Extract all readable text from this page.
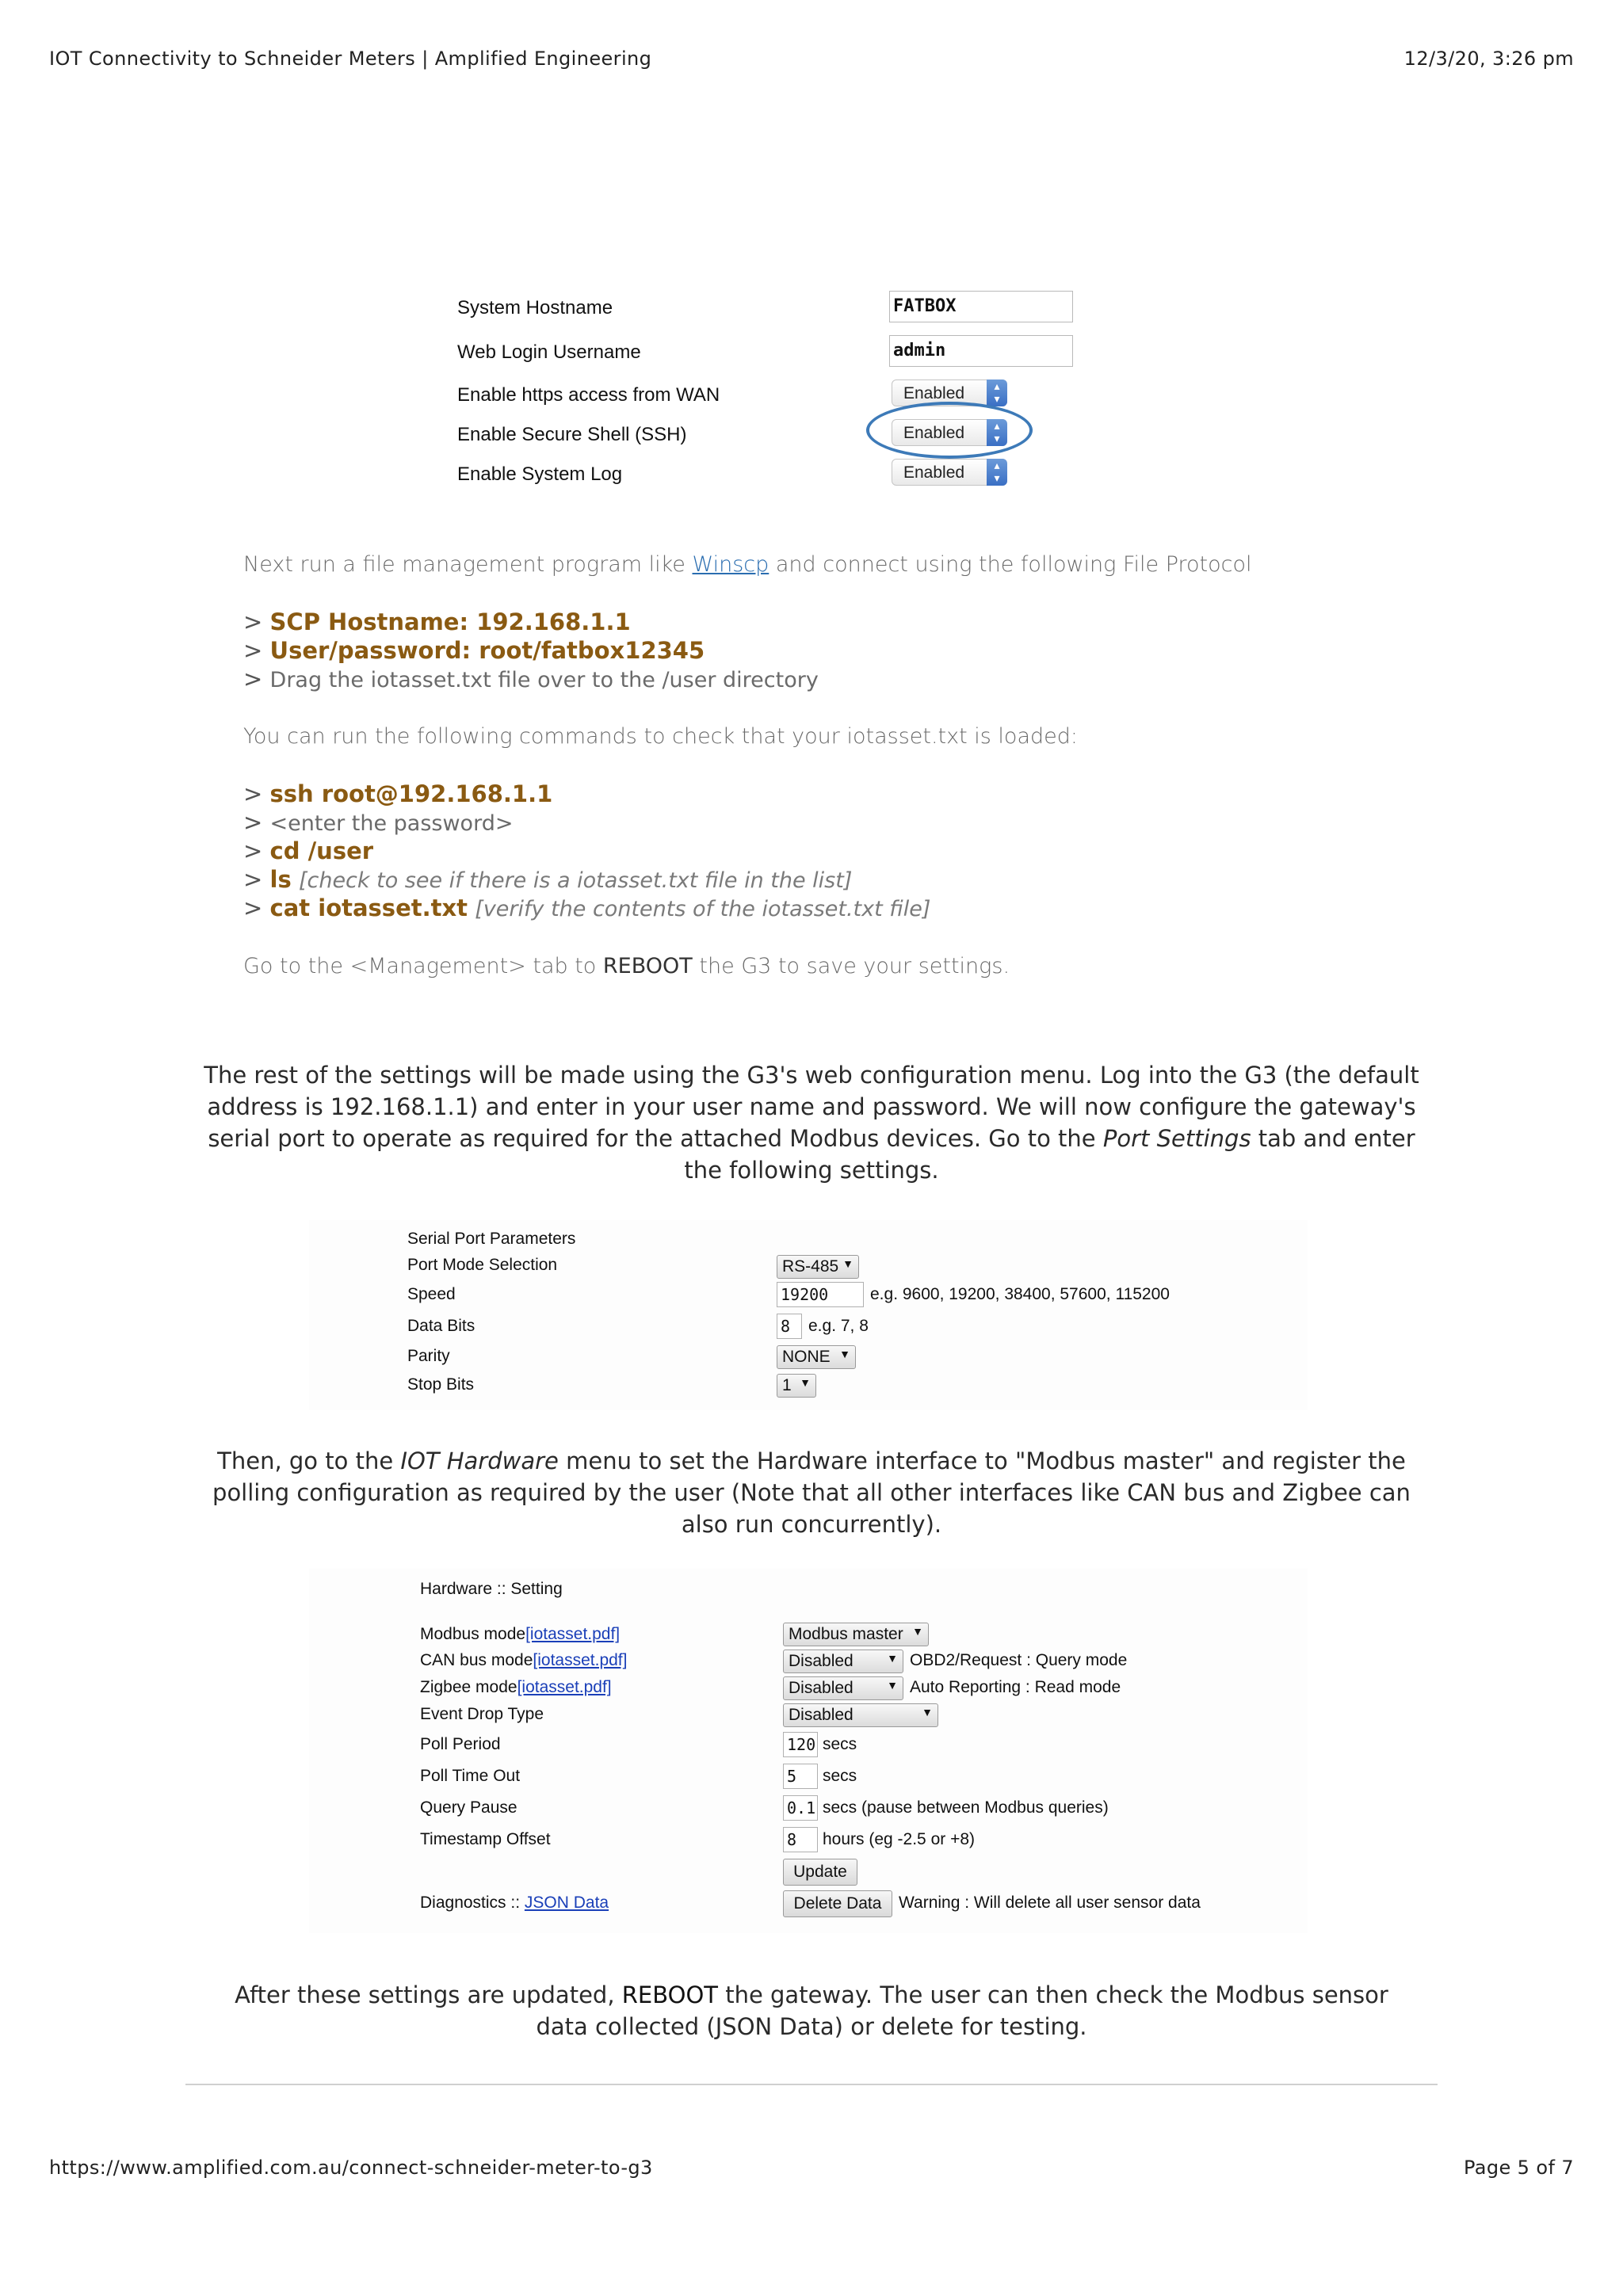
IOT Connectivity to Schneider Meters | Amplified Engineering	12/3/20, 3:26 pm
System Hostname	FATBOX
Web Login Username	admin
Enable https access from WAN	Enabled	▴
▾
Enable Secure Shell (SSH)	Enabled	▴
▾
Enable System Log	Enabled	▴
▾
Next run a file management program like Winscp and connect using the following File Protocol
> SCP Hostname: 192.168.1.1
> User/password: root/fatbox12345
> Drag the iotasset.txt file over to the /user directory
You can run the following commands to check that your iotasset.txt is loaded:
> ssh root@192.168.1.1
> <enter the password>
> cd /user
> ls [check to see if there is a iotasset.txt file in the list]
> cat iotasset.txt [verify the contents of the iotasset.txt file]
Go to the <Management> tab to REBOOT the G3 to save your settings.
The rest of the settings will be made using the G3's web configuration menu. Log into the G3 (the default
address is 192.168.1.1) and enter in your user name and password. We will now configure the gateway's
serial port to operate as required for the attached Modbus devices. Go to the Port Settings tab and enter
the following settings.
Serial Port Parameters
Port Mode Selection	RS-485 ▼
Speed	19200	e.g. 9600, 19200, 38400, 57600, 115200
Data Bits	8	e.g. 7, 8
Parity	NONE ▼
Stop Bits	1 ▼
Then, go to the IOT Hardware menu to set the Hardware interface to "Modbus master" and register the
polling configuration as required by the user (Note that all other interfaces like CAN bus and Zigbee can
also run concurrently).
Hardware :: Setting
Modbus mode[iotasset.pdf]	Modbus master ▼
CAN bus mode[iotasset.pdf]	Disabled	▼ OBD2/Request : Query mode
Zigbee mode[iotasset.pdf]	Disabled	▼ Auto Reporting : Read mode
Event Drop Type	Disabled	▼
Poll Period	120 secs
Poll Time Out	5	secs
Query Pause	0.1 secs (pause between Modbus queries)
Timestamp Offset	8	hours (eg -2.5 or +8)
Update
Diagnostics :: JSON Data	Delete Data	Warning : Will delete all user sensor data
After these settings are updated, REBOOT the gateway. The user can then check the Modbus sensor
data collected (JSON Data) or delete for testing.
https://www.amplified.com.au/connect-schneider-meter-to-g3	Page 5 of 7
